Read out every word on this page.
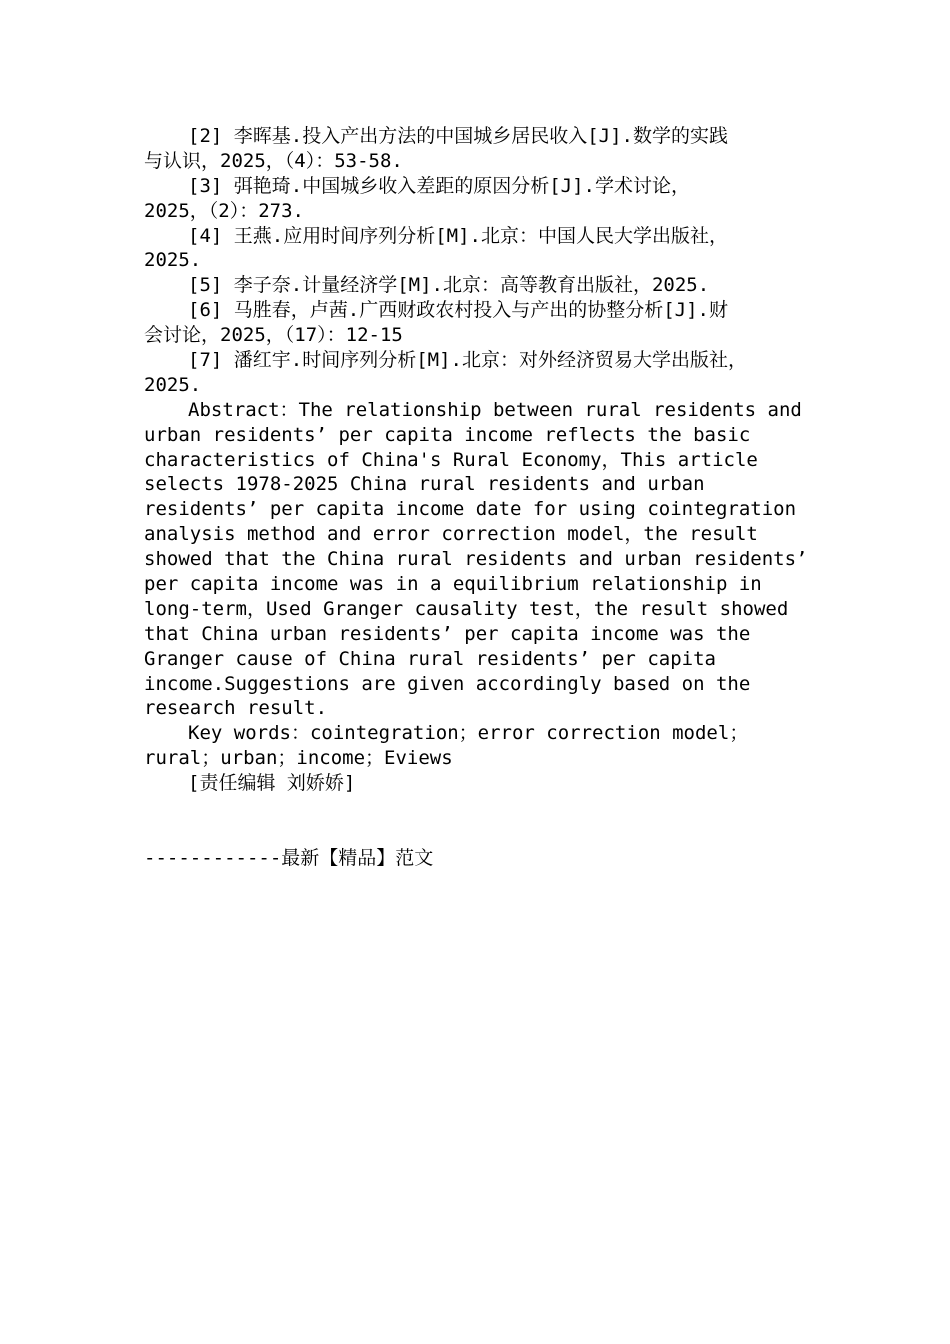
[2] 李晖基.投入产出方法的中国城乡居民收入[J].数学的实践
与认识，2025，（4）：53-58.
[3] 弭艳琦.中国城乡收入差距的原因分析[J].学术讨论，
2025，（2）：273.
[4] 王燕.应用时间序列分析[M].北京：中国人民大学出版社，
2025.
[5] 李子奈.计量经济学[M].北京：高等教育出版社，2025.
[6] 马胜春，卢茜.广西财政农村投入与产出的协整分析[J].财
会讨论，2025，（17）：12-15
[7] 潘红宇.时间序列分析[M].北京：对外经济贸易大学出版社，
2025.
Abstract：The relationship between rural residents and
urban residents’ per capita income reflects the basic
characteristics of China's Rural Economy，This article
selects 1978-2025 China rural residents and urban
residents’ per capita income date for using cointegration
analysis method and error correction model，the result
showed that the China rural residents and urban residents’
per capita income was in a equilibrium relationship in
long-term，Used Granger causality test，the result showed
that China urban residents’ per capita income was the
Granger cause of China rural residents’ per capita
income.Suggestions are given accordingly based on the
research result.
Key words：cointegration；error correction model；
rural；urban；income；Eviews
[责任编辑 刘娇娇]
------------最新【精品】范文
